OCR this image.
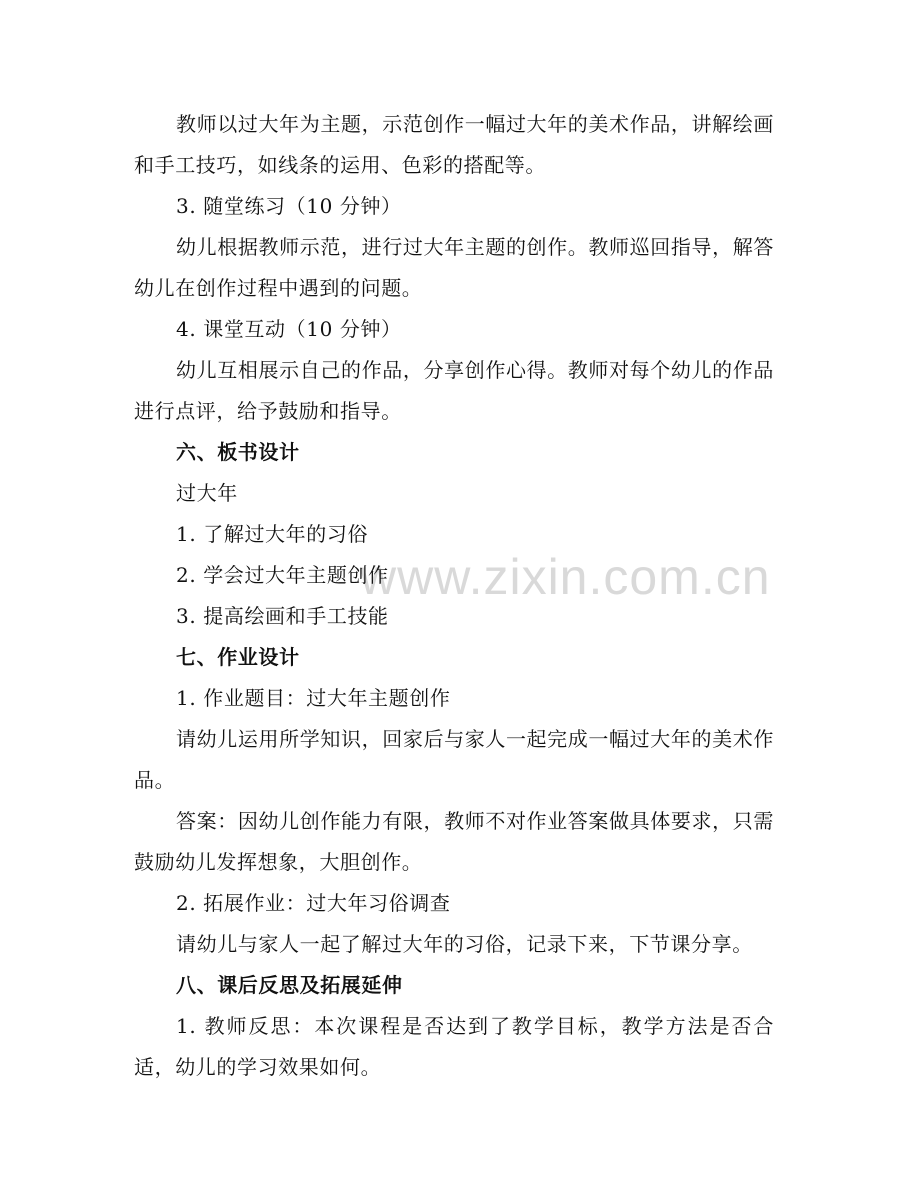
www.zixin.com.cn

教师以过大年为主题，示范创作一幅过大年的美术作品，讲解绘画和手工技巧，如线条的运用、色彩的搭配等。

3. 随堂练习（10 分钟）

幼儿根据教师示范，进行过大年主题的创作。教师巡回指导，解答幼儿在创作过程中遇到的问题。

4. 课堂互动（10 分钟）

幼儿互相展示自己的作品，分享创作心得。教师对每个幼儿的作品进行点评，给予鼓励和指导。

六、板书设计

过大年

1. 了解过大年的习俗

2. 学会过大年主题创作

3. 提高绘画和手工技能

七、作业设计

1. 作业题目：过大年主题创作

请幼儿运用所学知识，回家后与家人一起完成一幅过大年的美术作品。

答案：因幼儿创作能力有限，教师不对作业答案做具体要求，只需鼓励幼儿发挥想象，大胆创作。

2. 拓展作业：过大年习俗调查

请幼儿与家人一起了解过大年的习俗，记录下来，下节课分享。

八、课后反思及拓展延伸

1. 教师反思：本次课程是否达到了教学目标，教学方法是否合适，幼儿的学习效果如何。
